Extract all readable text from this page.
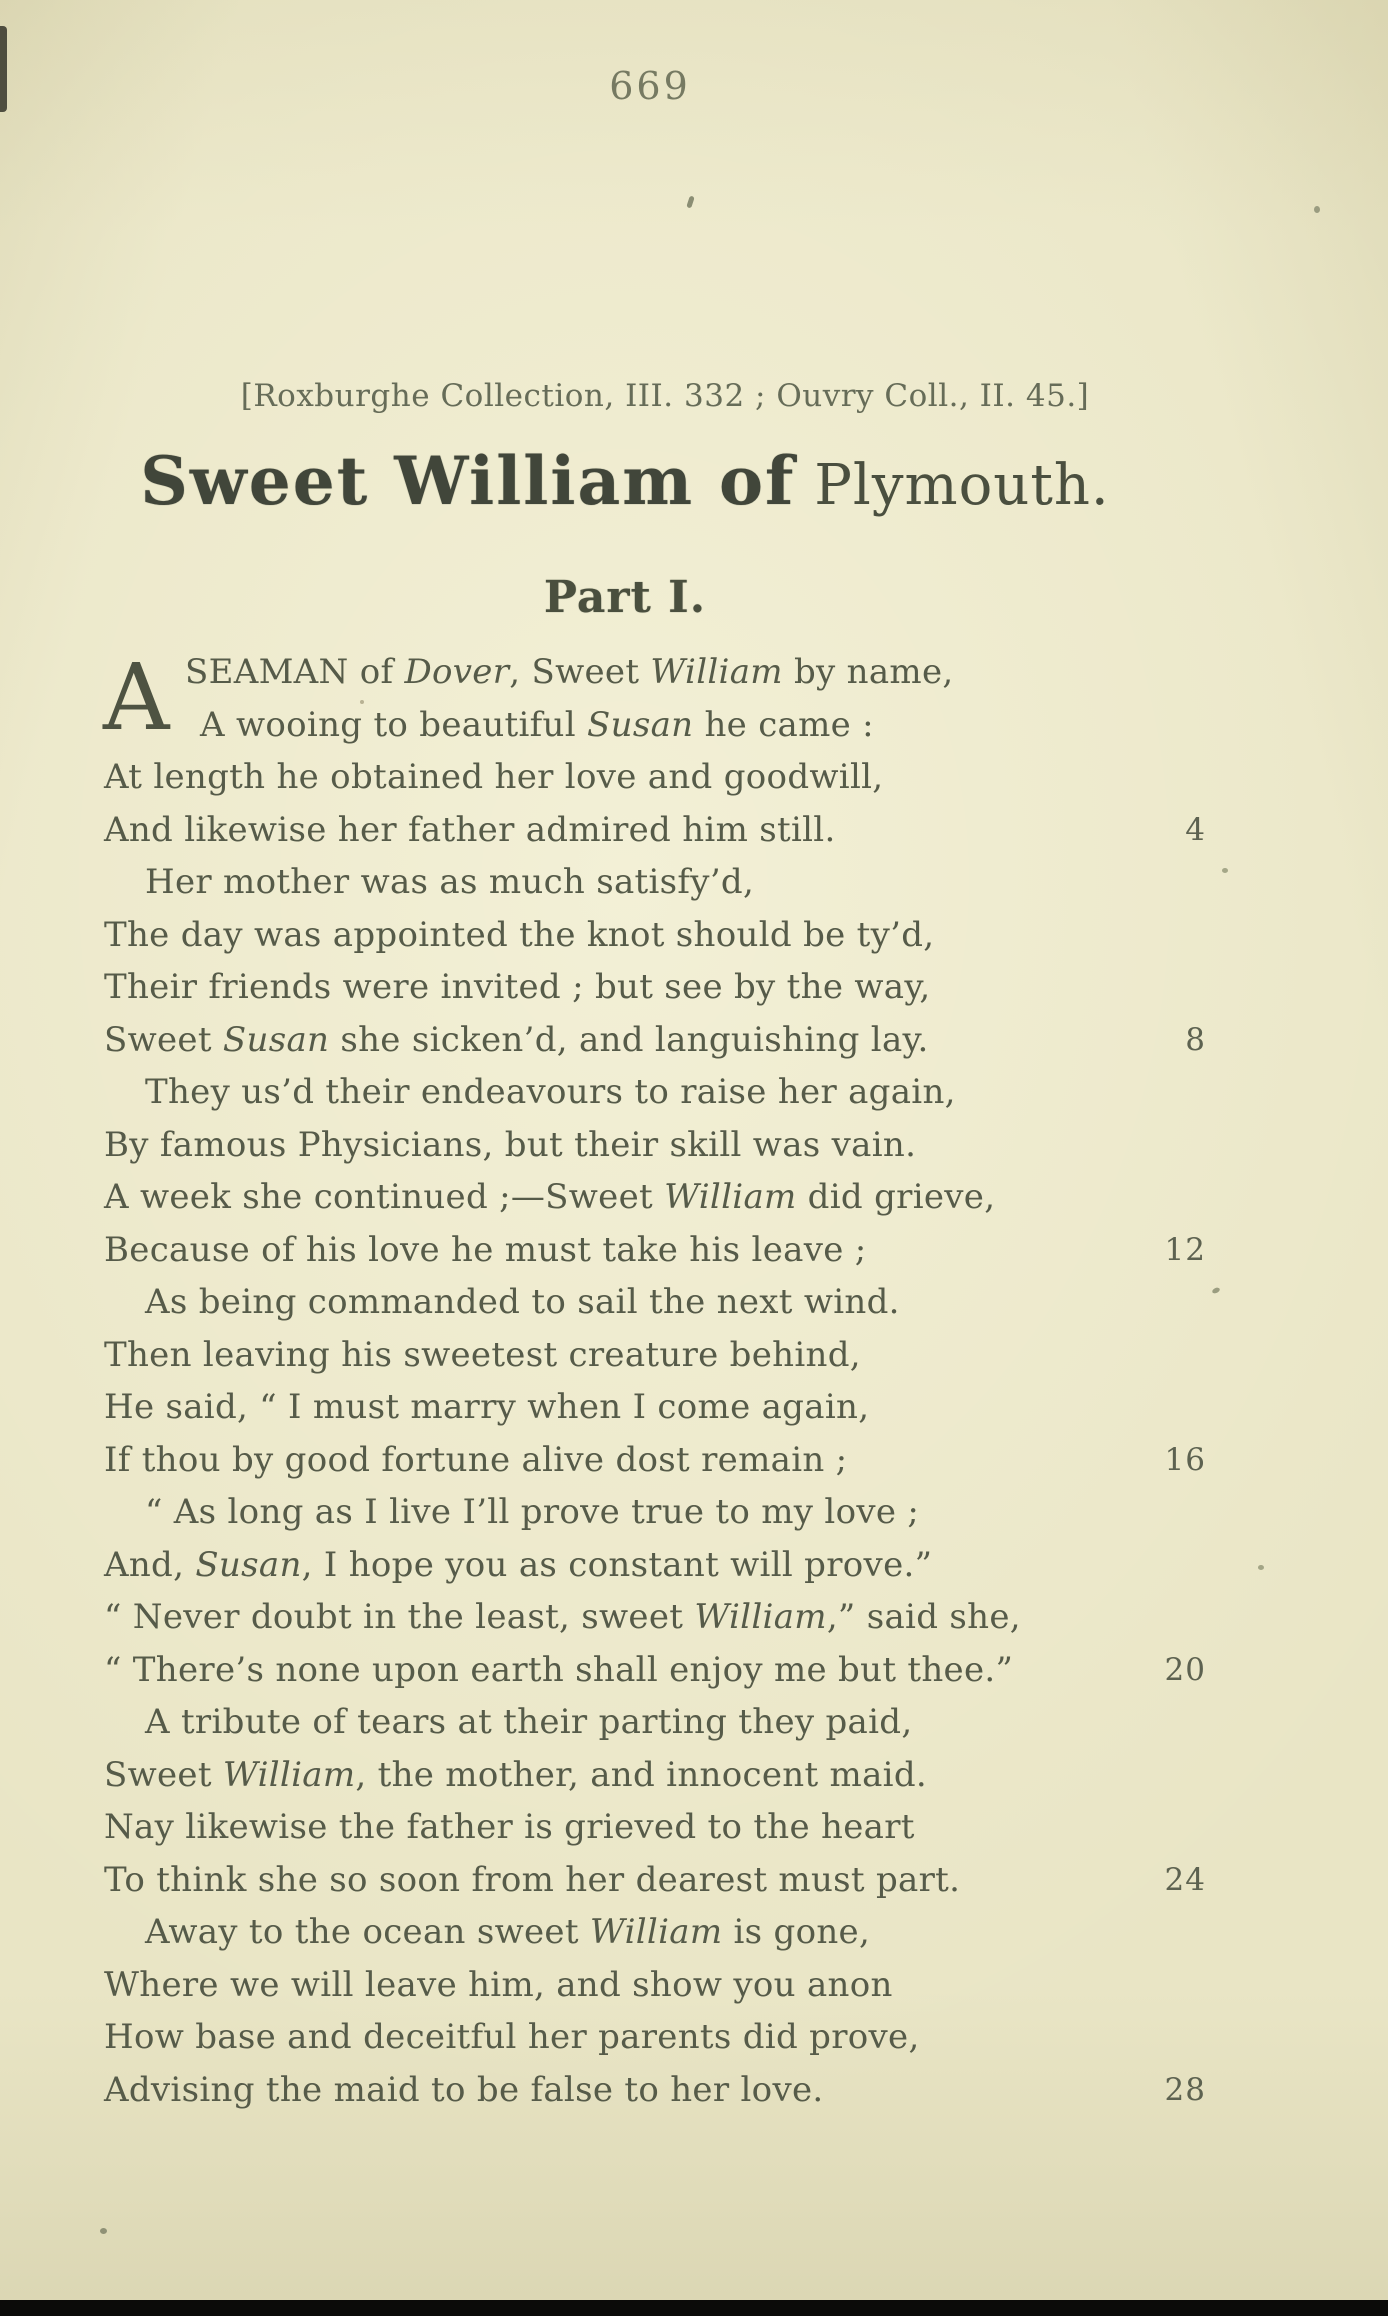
669
[Roxburghe Collection, III. 332 ; Ouvry Coll., II. 45.]
Sweet William of Plymouth.
Part I.
A SEAMAN of Dover, Sweet William by name,
A wooing to beautiful Susan he came :
At length he obtained her love and goodwill,
And likewise her father admired him still.	4
Her mother was as much satisfy’d,
The day was appointed the knot should be ty’d,
Their friends were invited ; but see by the way,
Sweet Susan she sicken’d, and languishing lay.	8
They us’d their endeavours to raise her again,
By famous Physicians, but their skill was vain.
A week she continued ;—Sweet William did grieve,
Because of his love he must take his leave ;	12
As being commanded to sail the next wind.
Then leaving his sweetest creature behind,
He said, “ I must marry when I come again,
If thou by good fortune alive dost remain ;	16
“ As long as I live I’ll prove true to my love ;
And, Susan, I hope you as constant will prove.”
“ Never doubt in the least, sweet William,” said she,
“ There’s none upon earth shall enjoy me but thee.”	20
A tribute of tears at their parting they paid,
Sweet William, the mother, and innocent maid.
Nay likewise the father is grieved to the heart
To think she so soon from her dearest must part.	24
Away to the ocean sweet William is gone,
Where we will leave him, and show you anon
How base and deceitful her parents did prove,
Advising the maid to be false to her love.	28
